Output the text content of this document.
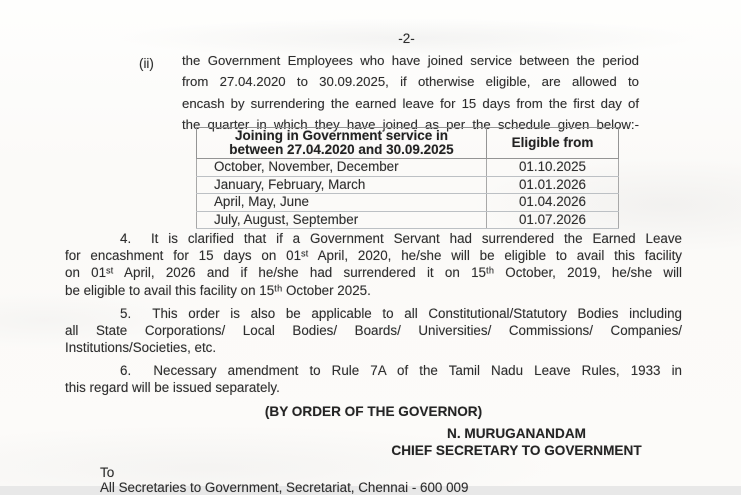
-2-
(ii) the Government Employees who have joined service between the period
from 27.04.2020 to 30.09.2025, if otherwise eligible, are allowed to
encash by surrendering the earned leave for 15 days from the first day of
the quarter in which they have joined as per the schedule given below:-
Joining in Government service in
between 27.04.2020 and 30.09.2025	Eligible from
October, November, December	01.10.2025
January, February, March	01.01.2026
April, May, June	01.04.2026
July, August, September	01.07.2026
4.  It is clarified that if a Government Servant had surrendered the Earned Leave
for encashment for 15 days on 01ˢᵗ April, 2020, he/she will be eligible to avail this facility
on 01ˢᵗ April, 2026 and if he/she had surrendered it on 15ᵗʰ October, 2019, he/she will
be eligible to avail this facility on 15ᵗʰ October 2025.
5.  This order is also be applicable to all Constitutional/Statutory Bodies including
all State Corporations/ Local Bodies/ Boards/ Universities/ Commissions/ Companies/
Institutions/Societies, etc.
6.  Necessary amendment to Rule 7A of the Tamil Nadu Leave Rules, 1933 in
this regard will be issued separately.
(BY ORDER OF THE GOVERNOR)
N. MURUGANANDAM
CHIEF SECRETARY TO GOVERNMENT
To
All Secretaries to Government, Secretariat, Chennai - 600 009
